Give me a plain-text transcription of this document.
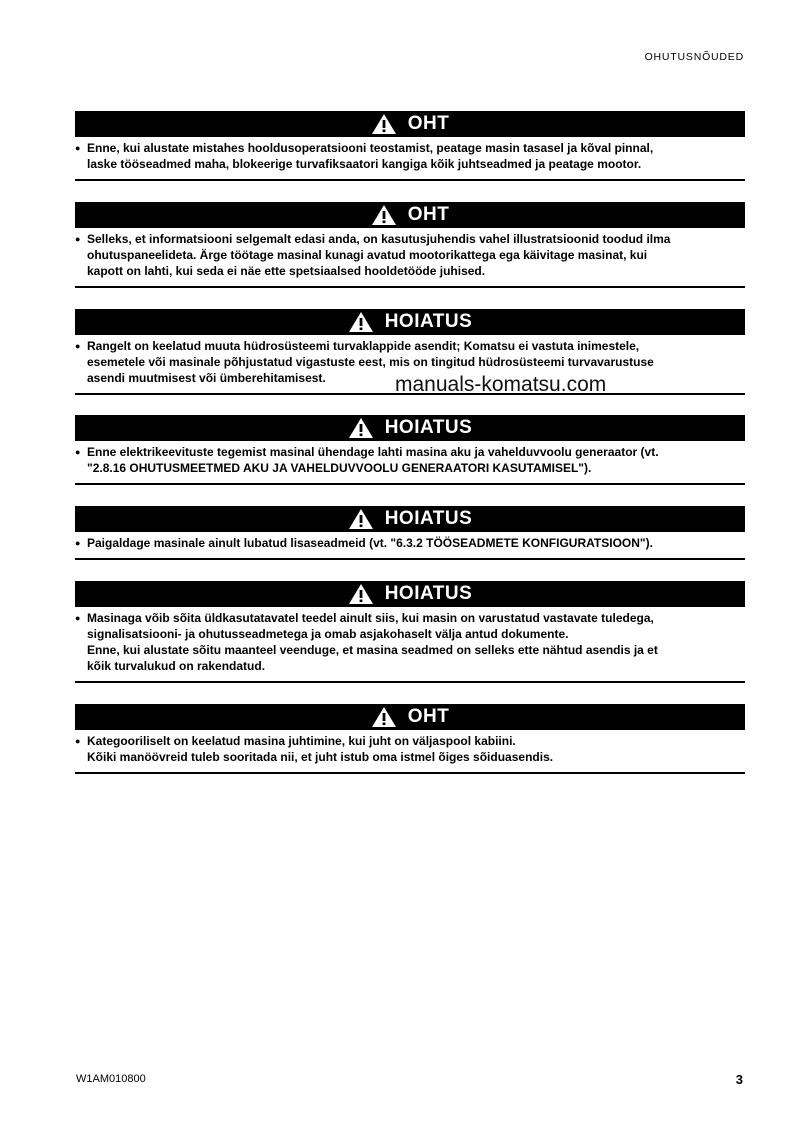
OHUTUSNÕUDED
OHT
● Enne, kui alustate mistahes hooldusoperatsiooni teostamist, peatage masin tasasel ja kõval pinnal,
laske tööseadmed maha, blokeerige turvafiksaatori kangiga kõik juhtseadmed ja peatage mootor.
OHT
● Selleks, et informatsiooni selgemalt edasi anda, on kasutusjuhendis vahel illustratsioonid toodud ilma
ohutuspaneelideta. Ärge töötage masinal kunagi avatud mootorikattega ega käivitage masinat, kui
kapott on lahti, kui seda ei näe ette spetsiaalsed hooldetööde juhised.
HOIATUS
● Rangelt on keelatud muuta hüdrosüsteemi turvaklappide asendit; Komatsu ei vastuta inimestele,
esemetele või masinale põhjustatud vigastuste eest, mis on tingitud hüdrosüsteemi turvavarustuse
asendi muutmisest või ümberehitamisest.
HOIATUS
● Enne elektrikeevituste tegemist masinal ühendage lahti masina aku ja vahelduvvoolu generaator (vt.
"2.8.16 OHUTUSMEETMED AKU JA VAHELDUVVOOLU GENERAATORI KASUTAMISEL").
HOIATUS
● Paigaldage masinale ainult lubatud lisaseadmeid (vt. "6.3.2 TÖÖSEADMETE KONFIGURATSIOON").
HOIATUS
● Masinaga võib sõita üldkasutatavatel teedel ainult siis, kui masin on varustatud vastavate tuledega,
signalisatsiooni- ja ohutusseadmetega ja omab asjakohaselt välja antud dokumente.
Enne, kui alustate sõitu maanteel veenduge, et masina seadmed on selleks ette nähtud asendis ja et
kõik turvalukud on rakendatud.
OHT
● Kategooriliselt on keelatud masina juhtimine, kui juht on väljaspool kabiini.
Kõiki manöövreid tuleb sooritada nii, et juht istub oma istmel õiges sõiduasendis.
manuals-komatsu.com
W1AM010800	3
